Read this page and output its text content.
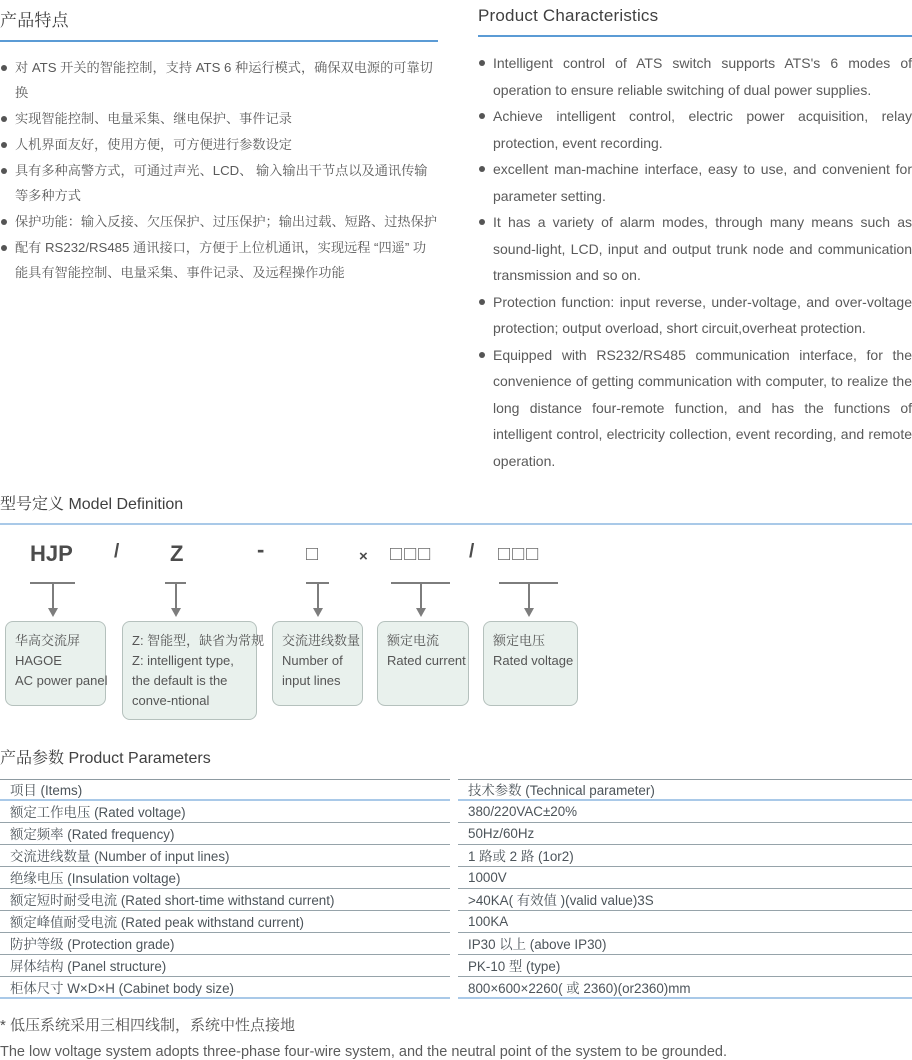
产品特点
对 ATS 开关的智能控制，支持 ATS 6 种运行模式，确保双电源的可靠切换
实现智能控制、电量采集、继电保护、事件记录
人机界面友好，使用方便，可方便进行参数设定
具有多种高警方式，可通过声光、LCD、 输入输出干节点以及通讯传输等多种方式
保护功能：输入反接、欠压保护、过压保护；输出过载、短路、过热保护
配有 RS232/RS485 通讯接口，方便于上位机通讯，实现远程 “四遥” 功能具有智能控制、电量采集、事件记录、及远程操作功能
Product Characteristics
Intelligent control of ATS switch supports ATS's 6 modes of operation to ensure reliable switching of dual power supplies.
Achieve intelligent control, electric power acquisition, relay protection, event recording.
excellent man-machine interface, easy to use, and convenient for parameter setting.
It has a variety of alarm modes, through many means such as sound-light, LCD, input and output trunk node and communication transmission and so on.
Protection function: input reverse, under-voltage, and over-voltage protection; output overload, short circuit,overheat protection.
Equipped with RS232/RS485 communication interface, for the convenience of getting communication with computer, to realize the long distance four-remote function, and has the functions of intelligent control, electricity collection, event recording, and remote operation.
型号定义 Model Definition
HJP / Z	- □	× □□□ / □□□
华高交流屏
HAGOE
AC power panel
Z: 智能型，缺省为常规
Z: intelligent type,
the default is the
conve-ntional
交流进线数量
Number of
input lines
额定电流
Rated current
额定电压
Rated voltage
产品参数 Product Parameters
项目 (Items)	技术参数 (Technical parameter)
额定工作电压 (Rated voltage)	380/220VAC±20%
额定频率 (Rated frequency)	50Hz/60Hz
交流进线数量 (Number of input lines)	1 路或 2 路 (1or2)
绝缘电压 (Insulation voltage)	1000V
额定短时耐受电流 (Rated short-time withstand current)	>40KA( 有效值 )(valid value)3S
额定峰值耐受电流 (Rated peak withstand current)	100KA
防护等级 (Protection grade)	IP30 以上 (above IP30)
屏体结构 (Panel structure)	PK-10 型 (type)
柜体尺寸 W×D×H (Cabinet body size)	800×600×2260( 或 2360)(or2360)mm
* 低压系统采用三相四线制，系统中性点接地
The low voltage system adopts three-phase four-wire system, and the neutral point of the system to be grounded.
